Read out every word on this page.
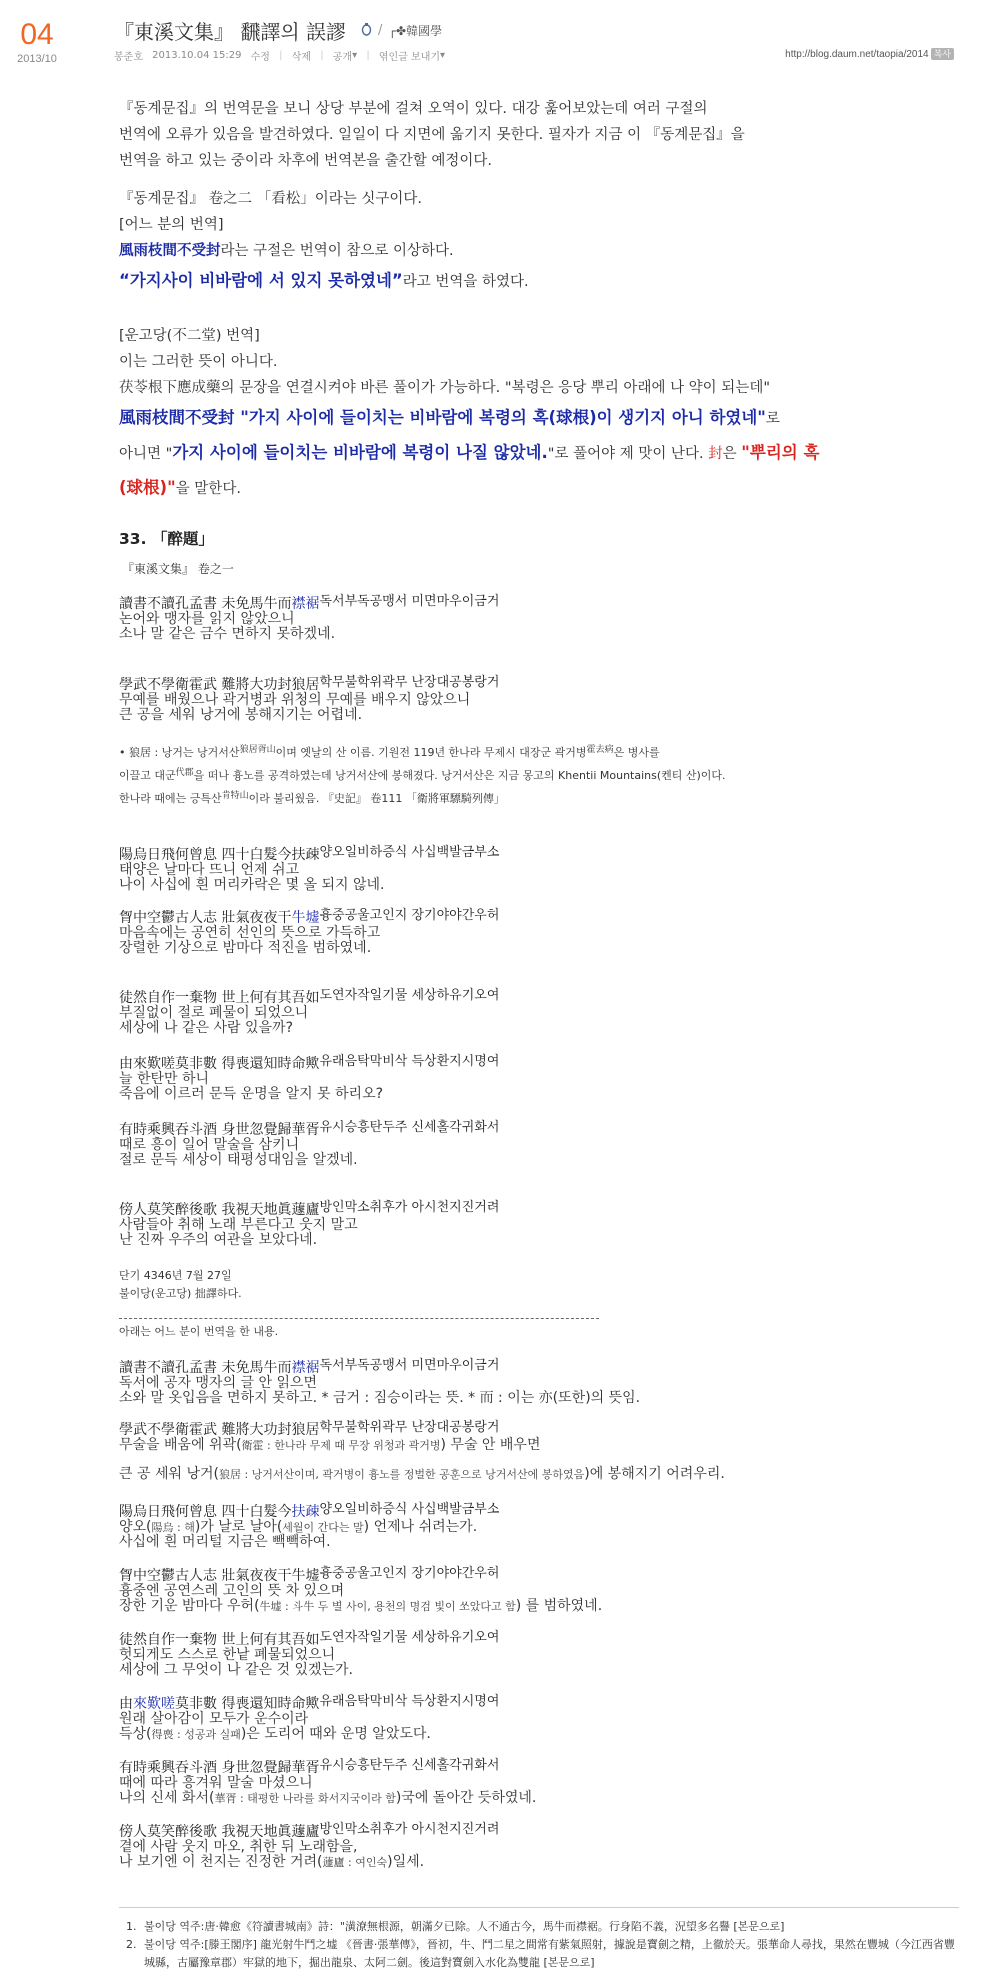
04
2013/10
『東溪文集』 飜譯의 誤謬 / ┌✤韓國學
봉준호 2013.10.04 15:29 수정 | 삭제 | 공개▾ | 엮인글 보내기▾	http://blog.daum.net/taopia/2014 복사

『동계문집』의 번역문을 보니 상당 부분에 걸쳐 오역이 있다. 대강 훑어보았는데 여러 구절의

번역에 오류가 있음을 발견하였다. 일일이 다 지면에 옮기지 못한다. 필자가 지금 이 『동계문집』을

번역을 하고 있는 중이라 차후에 번역본을 출간할 예정이다.

『동계문집』 卷之二 「看松」이라는 싯구이다.

[어느 분의 번역]

風雨枝間不受封라는 구절은 번역이 참으로 이상하다.

“가지사이 비바람에 서 있지 못하였네”라고 번역을 하였다.

[운고당(不二堂) 번역]

이는 그러한 뜻이 아니다.

茯苓根下應成藥의 문장을 연결시켜야 바른 풀이가 가능하다. "복령은 응당 뿌리 아래에 나 약이 되는데"

風雨枝間不受封 "가지 사이에 들이치는 비바람에 복령의 혹(球根)이 생기지 아니 하였네"로

아니면 "가지 사이에 들이치는 비바람에 복령이 나질 않았네."로 풀어야 제 맛이 난다. 封은 "뿌리의 혹

(球根)"을 말한다.

33. 「醉題」
『東溪文集』 卷之一
讀書不讀孔孟書 未免馬牛而襟裾독서부독공맹서 미면마우이금거
논어와 맹자를 읽지 않았으니
소나 말 같은 금수 면하지 못하겠네.
學武不學衛霍武 難將大功封狼居학무불학위곽무 난장대공봉랑거
무예를 배웠으나 곽거병과 위청의 무예를 배우지 않았으니
큰 공을 세워 낭거에 봉해지기는 어렵네.
• 狼居 : 낭거는 낭거서산$^{狼居胥山}$이며 옛날의 산 이름. 기원전 119년 한나라 무제시 대장군 곽거병$^{霍去病}$은 병사를
이끌고 대군$^{代郡}$을 떠나 흉노를 공격하였는데 낭거서산에 봉해졌다. 낭거서산은 지금 몽고의 Khentii Mountains(켄티 산)이다.
한나라 때에는 긍특산$^{肯特山}$이라 불리웠음. 『史記』 卷111 「衛將軍驃騎列傳」
陽烏日飛何曾息 四十白髮今扶疎양오일비하증식 사십백발금부소
태양은 날마다 뜨니 언제 쉬고
나이 사십에 흰 머리카락은 몇 올 되지 않네.
胷中空鬱古人志 壯氣夜夜干牛墟흉중공울고인지 장기야야간우허
마음속에는 공연히 선인의 뜻으로 가득하고
장렬한 기상으로 밤마다 적진을 범하였네.
徒然自作一棄物 世上何有其吾如도연자작일기물 세상하유기오여
부질없이 절로 폐물이 되었으니
세상에 나 같은 사람 있을까?
由來歎嗟莫非數 得喪還知時命歟유래음탁막비삭 득상환지시명여
늘 한탄만 하니
죽음에 이르러 문득 운명을 알지 못 하리오?
有時乘興吞斗酒 身世忽覺歸華胥유시승흥탄두주 신세홀각귀화서
때로 흥이 일어 말술을 삼키니
절로 문득 세상이 태평성대임을 알겠네.
傍人莫笑醉後歌 我視天地眞蘧廬방인막소취후가 아시천지진거려
사람들아 취해 노래 부른다고 웃지 말고
난 진짜 우주의 여관을 보았다네.
단기 4346년 7월 27일
불이당(운고당) 拙譯하다.
아래는 어느 분이 번역을 한 내용.
讀書不讀孔孟書 未免馬牛而襟裾독서부독공맹서 미면마우이금거
독서에 공자 맹자의 글 안 읽으면
소와 말 옷입음을 면하지 못하고. * 금거 : 짐승이라는 뜻. * 而 : 이는 亦(또한)의 뜻임.
學武不學衛霍武 難將大功封狼居학무불학위곽무 난장대공봉랑거
무술을 배움에 위곽(衛霍 : 한나라 무제 때 무장 위청과 곽거병) 무술 안 배우면
큰 공 세워 낭거(狼居 : 낭거서산이며, 곽거병이 흉노를 정벌한 공훈으로 낭거서산에 봉하였음)에 봉해지기 어려우리.
陽烏日飛何曾息 四十白髮今扶疎양오일비하증식 사십백발금부소
양오(陽烏 : 해)가 날로 날아(세월이 간다는 말) 언제나 쉬려는가.
사십에 흰 머리털 지금은 빽빽하여.
胷中空鬱古人志 壯氣夜夜干牛墟흉중공울고인지 장기야야간우허
흉중엔 공연스레 고인의 뜻 차 있으며
장한 기운 밤마다 우허(牛墟 : 斗牛 두 별 사이, 용천의 명검 빛이 쏘았다고 함) 를 범하였네.
徒然自作一棄物 世上何有其吾如도연자작일기물 세상하유기오여
헛되게도 스스로 한낱 폐물되었으니
세상에 그 무엇이 나 같은 것 있겠는가.
由來歎嗟莫非數 得喪還知時命歟유래음탁막비삭 득상환지시명여
원래 살아감이 모두가 운수이라
득상(得喪 : 성공과 실패)은 도리어 때와 운명 알았도다.
有時乘興吞斗酒 身世忽覺歸華胥유시승흥탄두주 신세홀각귀화서
때에 따라 흥겨워 말술 마셨으니
나의 신세 화서(華胥 : 태평한 나라를 화서지국이라 함)국에 돌아간 듯하였네.
傍人莫笑醉後歌 我視天地眞蘧廬방인막소취후가 아시천지진거려
곁에 사람 웃지 마오, 취한 뒤 노래함을,
나 보기엔 이 천지는 진정한 거려(蘧廬 : 여인숙)일세.
1. 불이당 역주:唐·韓愈《符讀書城南》詩："潢潦無根源，朝滿夕已除。人不通古今，馬牛而襟裾。行身陷不義，況望多名譽 [본문으로]
2. 불이당 역주:[滕王閣序] 龍光射牛鬥之墟 《晉書·張華傳》，晉初，牛、鬥二星之間常有紫氣照射，據說是寶劍之精，上徹於天。張華命人尋找，果然在豐城（今江西省豐城縣，古屬豫章郡）牢獄的地下，掘出龍泉、太阿二劍。後這對寶劍入水化為雙龍 [본문으로]
